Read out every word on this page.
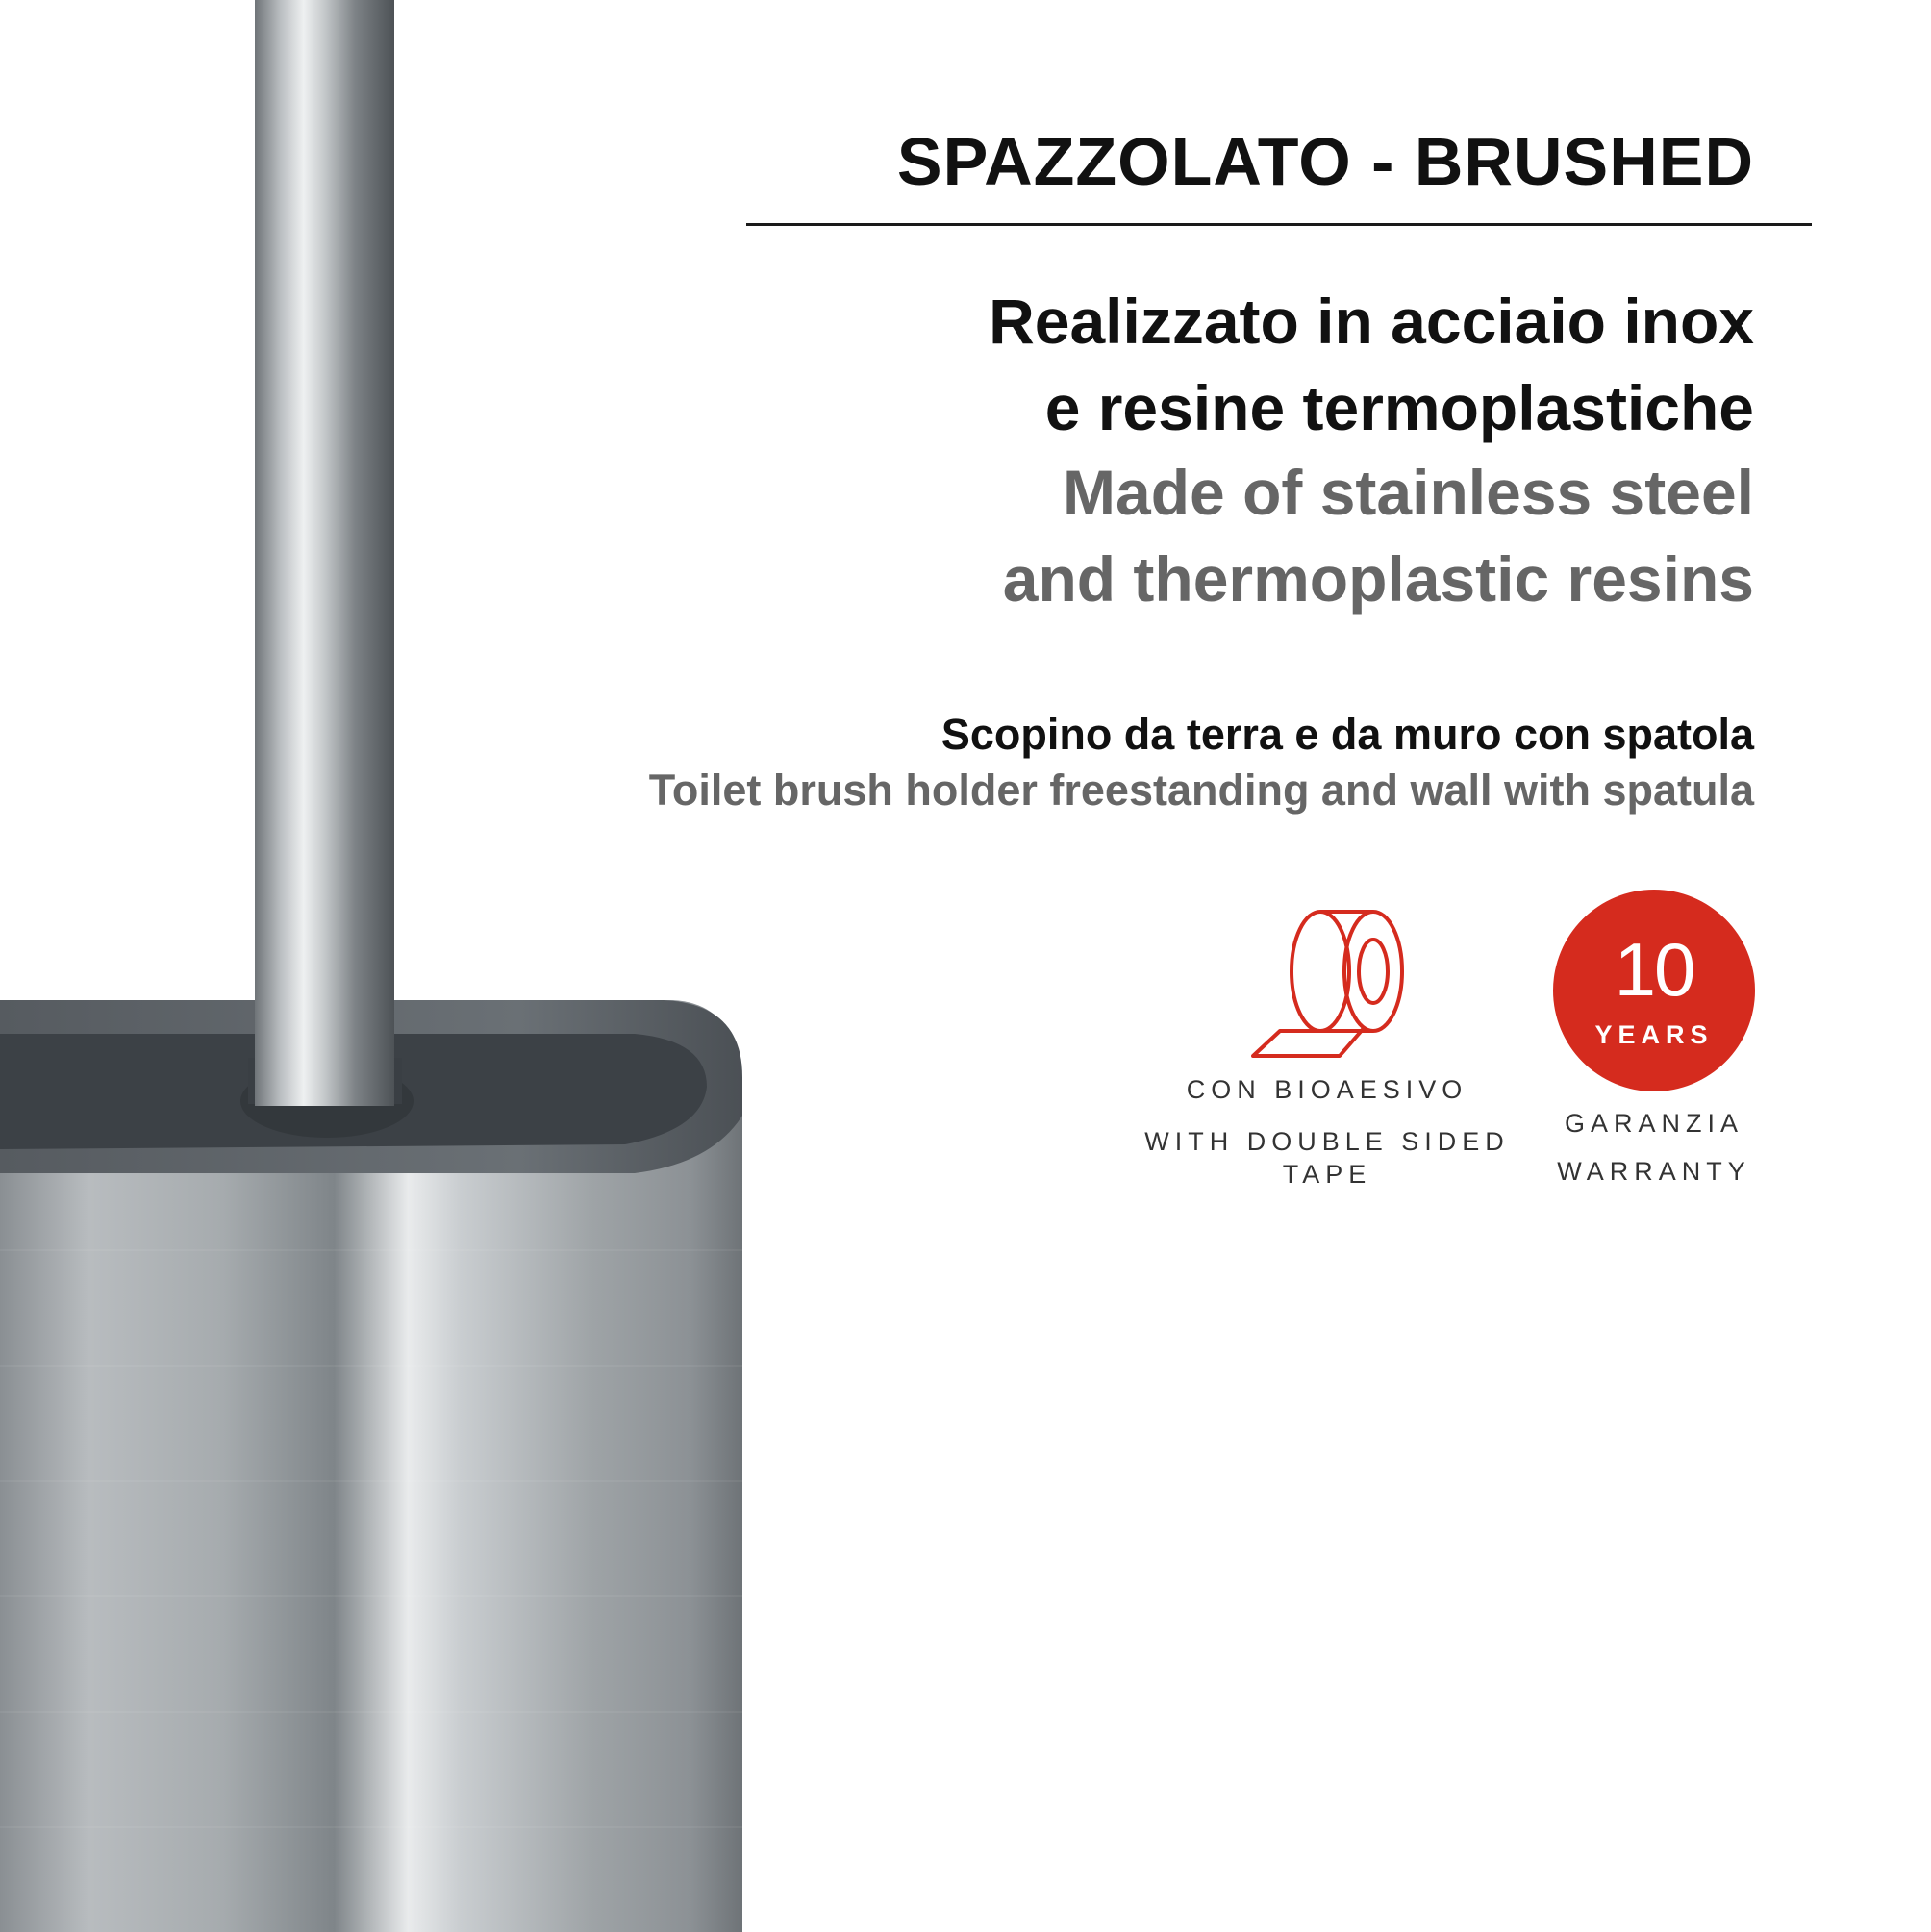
SPAZZOLATO - BRUSHED
Realizzato in acciaio inox
e resine termoplastiche
Made of stainless steel
and thermoplastic resins
Scopino da terra e da muro con spatola
Toilet brush holder freestanding and wall with spatula
CON BIOAESIVO
WITH DOUBLE SIDED TAPE
10
YEARS
GARANZIA
WARRANTY
